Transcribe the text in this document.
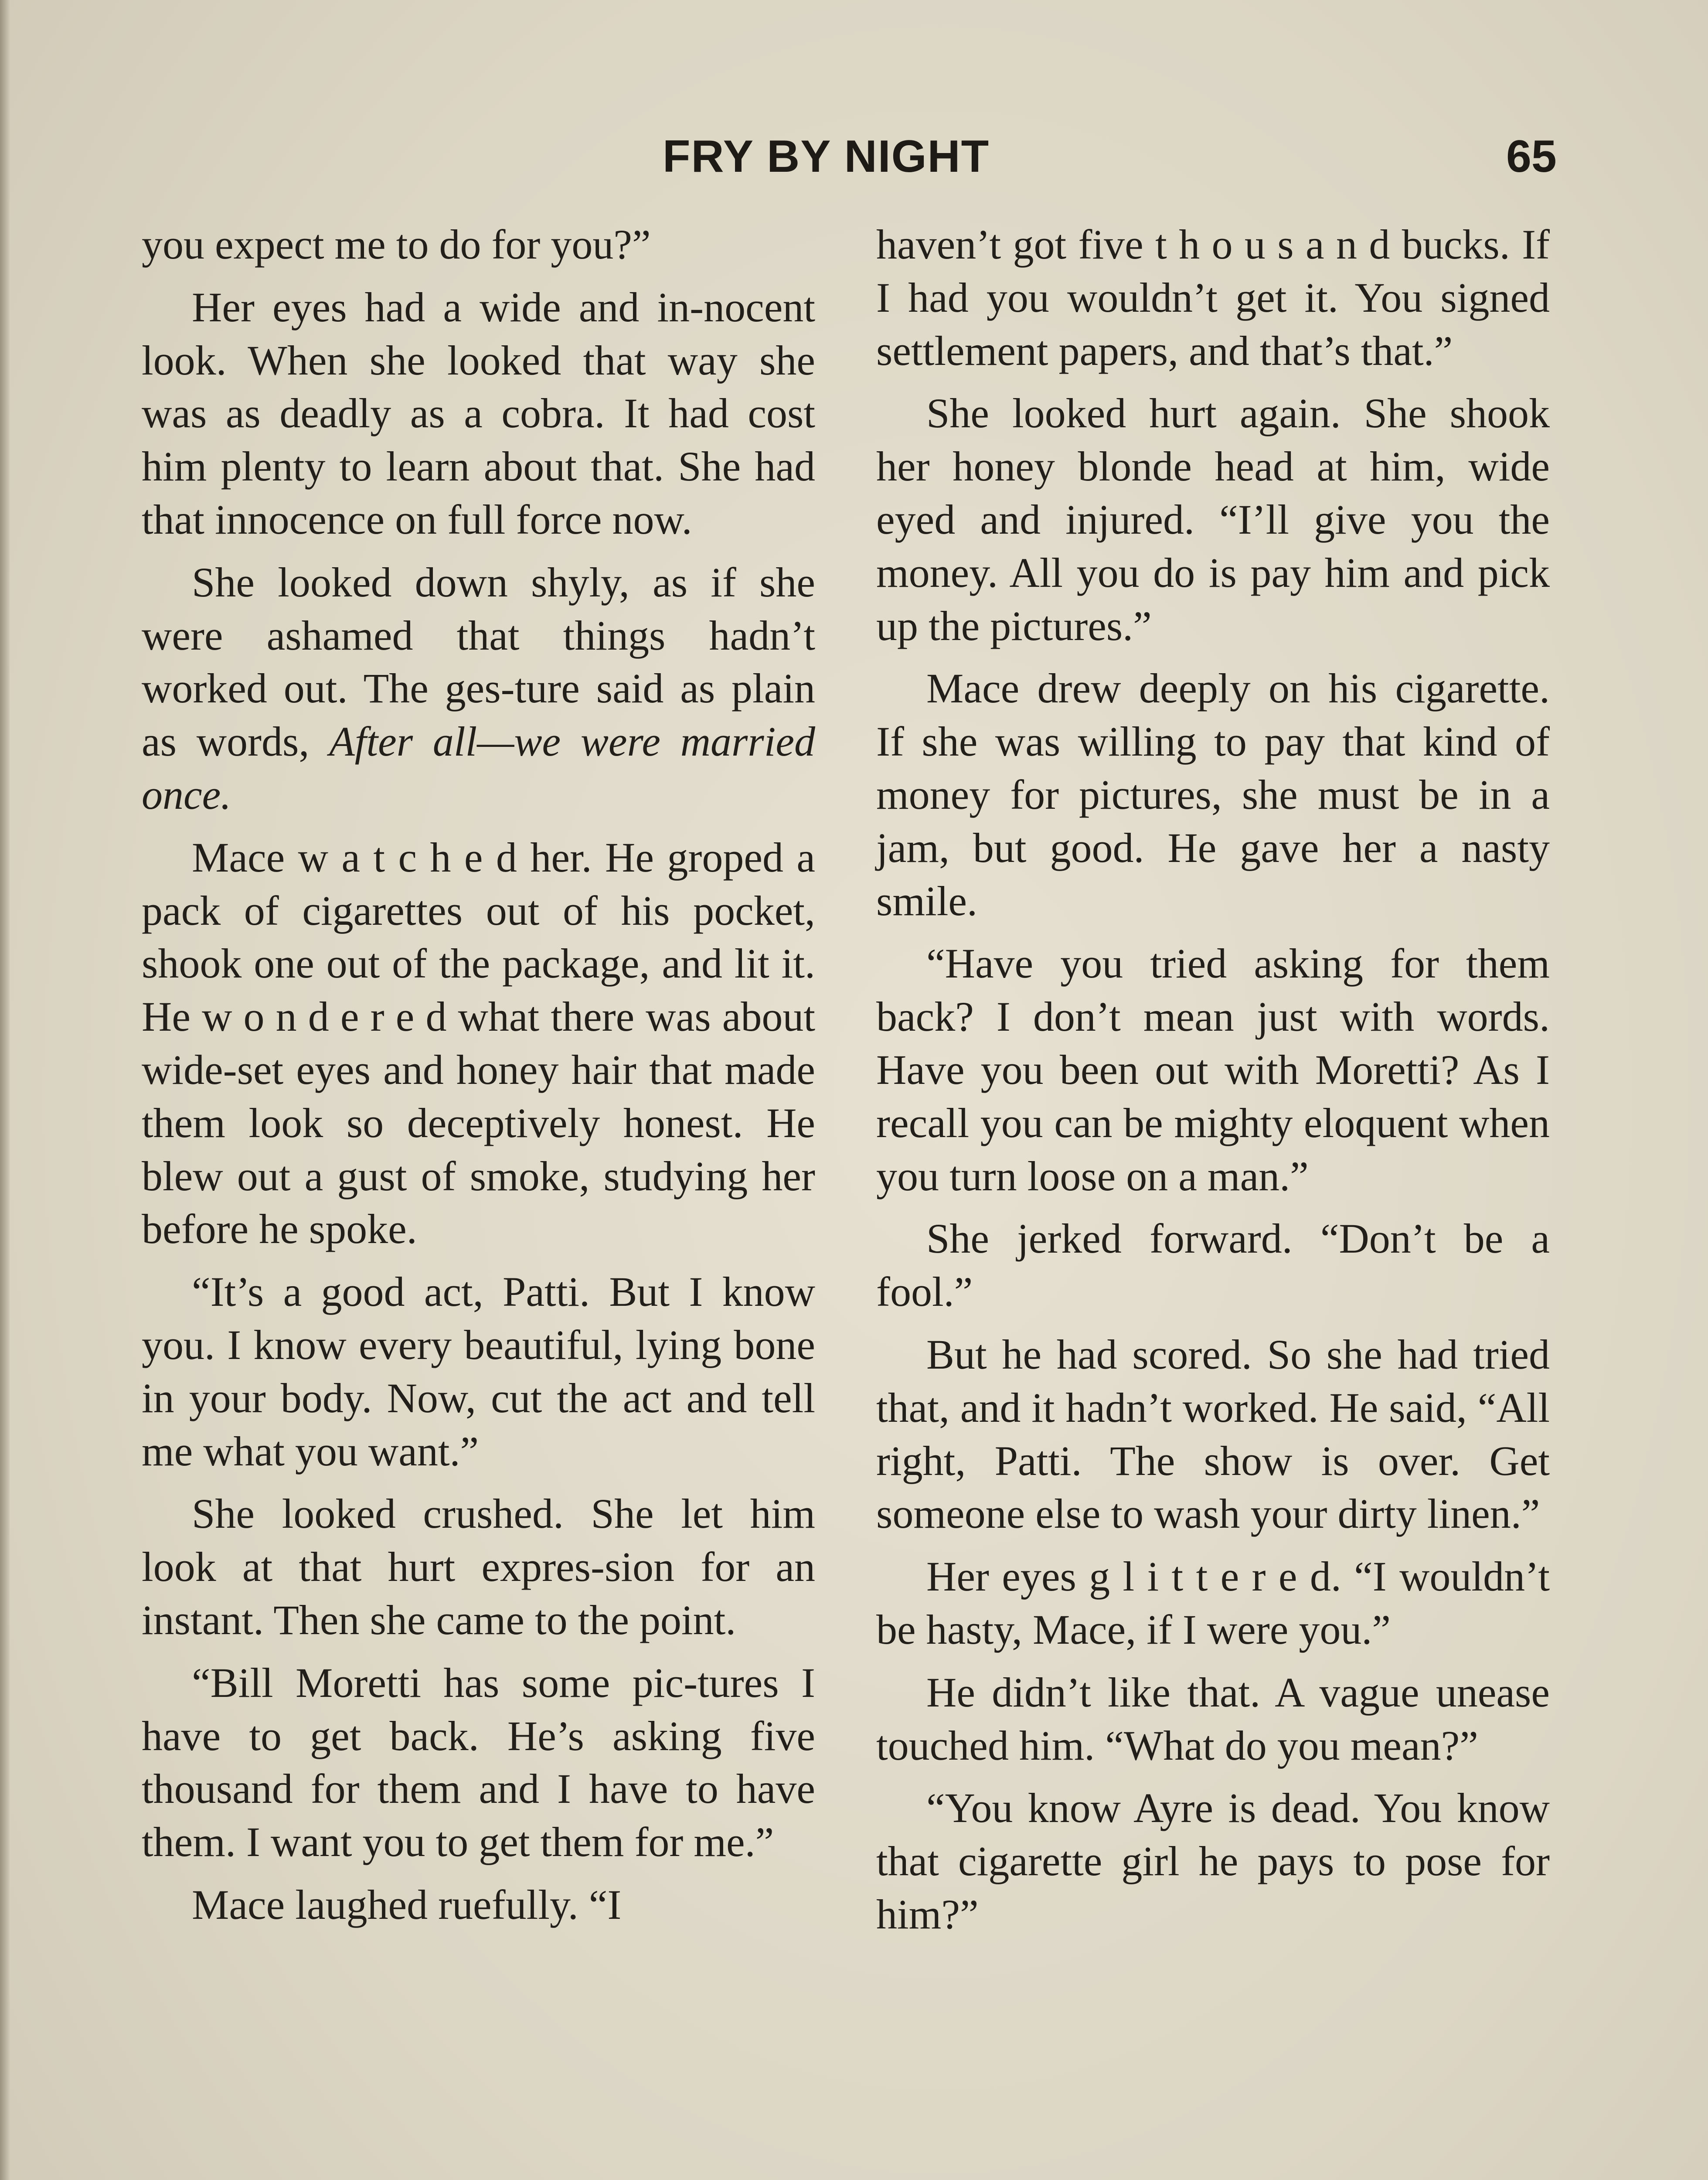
FRY BY NIGHT	65

you expect me to do for you?”

Her eyes had a wide and in-nocent look. When she looked that way she was as deadly as a cobra. It had cost him plenty to learn about that. She had that innocence on full force now.

She looked down shyly, as if she were ashamed that things hadn’t worked out. The ges-ture said as plain as words, After all—we were married once.

Mace w a t c h e d her. He groped a pack of cigarettes out of his pocket, shook one out of the package, and lit it. He w o n d e r e d what there was about wide-set eyes and honey hair that made them look so deceptively honest. He blew out a gust of smoke, studying her before he spoke.

“It’s a good act, Patti. But I know you. I know every beautiful, lying bone in your body. Now, cut the act and tell me what you want.”

She looked crushed. She let him look at that hurt expres-sion for an instant. Then she came to the point.

“Bill Moretti has some pic-tures I have to get back. He’s asking five thousand for them and I have to have them. I want you to get them for me.”

Mace laughed ruefully. “I

haven’t got five t h o u s a n d bucks. If I had you wouldn’t get it. You signed settlement papers, and that’s that.”

She looked hurt again. She shook her honey blonde head at him, wide eyed and injured. “I’ll give you the money. All you do is pay him and pick up the pictures.”

Mace drew deeply on his cigarette. If she was willing to pay that kind of money for pictures, she must be in a jam, but good. He gave her a nasty smile.

“Have you tried asking for them back? I don’t mean just with words. Have you been out with Moretti? As I recall you can be mighty eloquent when you turn loose on a man.”

She jerked forward. “Don’t be a fool.”

But he had scored. So she had tried that, and it hadn’t worked. He said, “All right, Patti. The show is over. Get someone else to wash your dirty linen.”

Her eyes g l i t t e r e d. “I wouldn’t be hasty, Mace, if I were you.”

He didn’t like that. A vague unease touched him. “What do you mean?”

“You know Ayre is dead. You know that cigarette girl he pays to pose for him?”
